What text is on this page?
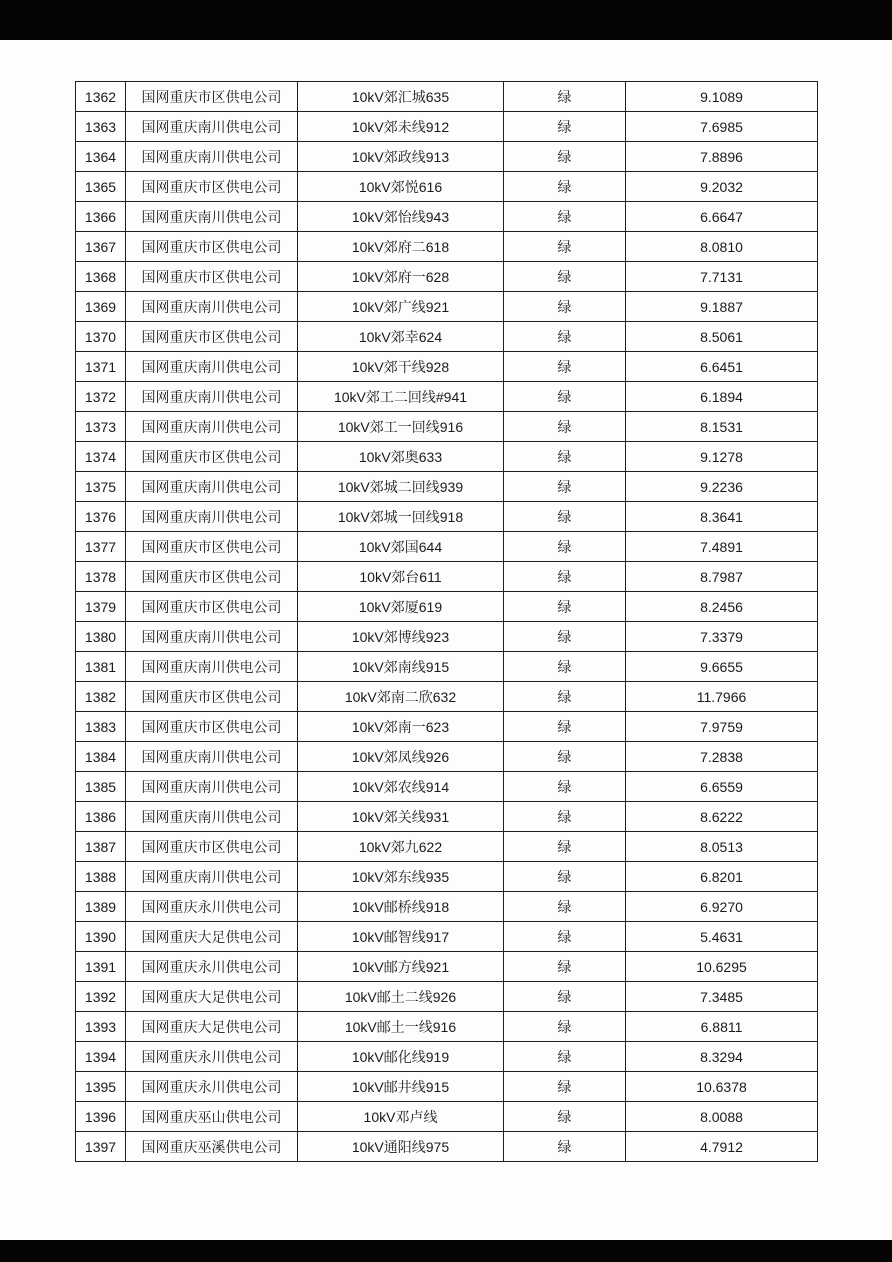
1362	国网重庆市区供电公司	10kV郊汇城635	绿	9.1089
1363	国网重庆南川供电公司	10kV郊未线912	绿	7.6985
1364	国网重庆南川供电公司	10kV郊政线913	绿	7.8896
1365	国网重庆市区供电公司	10kV郊悦616	绿	9.2032
1366	国网重庆南川供电公司	10kV郊怡线943	绿	6.6647
1367	国网重庆市区供电公司	10kV郊府二618	绿	8.0810
1368	国网重庆市区供电公司	10kV郊府一628	绿	7.7131
1369	国网重庆南川供电公司	10kV郊广线921	绿	9.1887
1370	国网重庆市区供电公司	10kV郊幸624	绿	8.5061
1371	国网重庆南川供电公司	10kV郊干线928	绿	6.6451
1372	国网重庆南川供电公司	10kV郊工二回线#941	绿	6.1894
1373	国网重庆南川供电公司	10kV郊工一回线916	绿	8.1531
1374	国网重庆市区供电公司	10kV郊奥633	绿	9.1278
1375	国网重庆南川供电公司	10kV郊城二回线939	绿	9.2236
1376	国网重庆南川供电公司	10kV郊城一回线918	绿	8.3641
1377	国网重庆市区供电公司	10kV郊国644	绿	7.4891
1378	国网重庆市区供电公司	10kV郊台611	绿	8.7987
1379	国网重庆市区供电公司	10kV郊厦619	绿	8.2456
1380	国网重庆南川供电公司	10kV郊博线923	绿	7.3379
1381	国网重庆南川供电公司	10kV郊南线915	绿	9.6655
1382	国网重庆市区供电公司	10kV郊南二欣632	绿	11.7966
1383	国网重庆市区供电公司	10kV郊南一623	绿	7.9759
1384	国网重庆南川供电公司	10kV郊凤线926	绿	7.2838
1385	国网重庆南川供电公司	10kV郊农线914	绿	6.6559
1386	国网重庆南川供电公司	10kV郊关线931	绿	8.6222
1387	国网重庆市区供电公司	10kV郊九622	绿	8.0513
1388	国网重庆南川供电公司	10kV郊东线935	绿	6.8201
1389	国网重庆永川供电公司	10kV邮桥线918	绿	6.9270
1390	国网重庆大足供电公司	10kV邮智线917	绿	5.4631
1391	国网重庆永川供电公司	10kV邮方线921	绿	10.6295
1392	国网重庆大足供电公司	10kV邮土二线926	绿	7.3485
1393	国网重庆大足供电公司	10kV邮土一线916	绿	6.8811
1394	国网重庆永川供电公司	10kV邮化线919	绿	8.3294
1395	国网重庆永川供电公司	10kV邮井线915	绿	10.6378
1396	国网重庆巫山供电公司	10kV邓卢线	绿	8.0088
1397	国网重庆巫溪供电公司	10kV通阳线975	绿	4.7912
